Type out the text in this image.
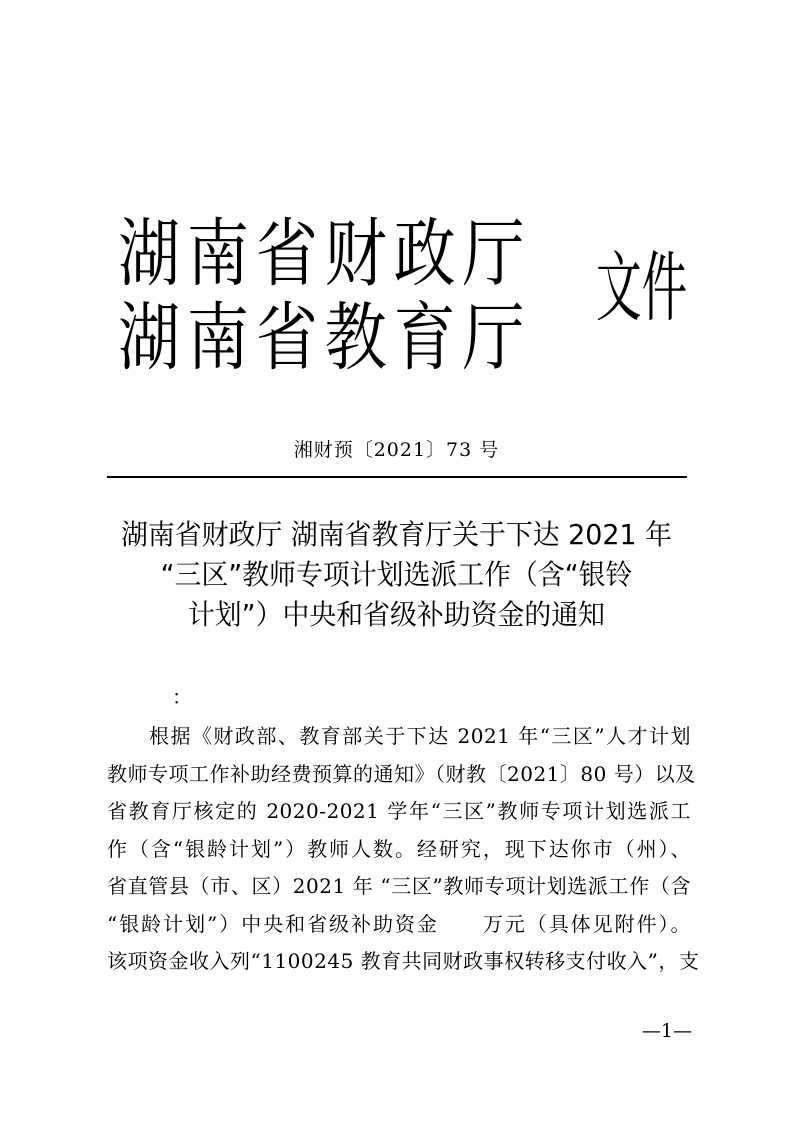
湖南省财政厅
湖南省教育厅
文件
湘财预〔2021〕73 号
湖南省财政厅 湖南省教育厅关于下达 2021 年
“三区”教师专项计划选派工作（含“银铃
计划”）中央和省级补助资金的通知
：
根据《财政部、教育部关于下达 2021 年“三区”人才计划
教师专项工作补助经费预算的通知》（财教〔2021〕80 号）以及
省教育厅核定的 2020-2021 学年“三区”教师专项计划选派工
作（含“银龄计划”）教师人数。经研究，现下达你市（州）、
省直管县（市、区）2021 年 “三区”教师专项计划选派工作（含
“银龄计划”）中央和省级补助资金　　万元（具体见附件）。
该项资金收入列“1100245 教育共同财政事权转移支付收入”，支
—1—
